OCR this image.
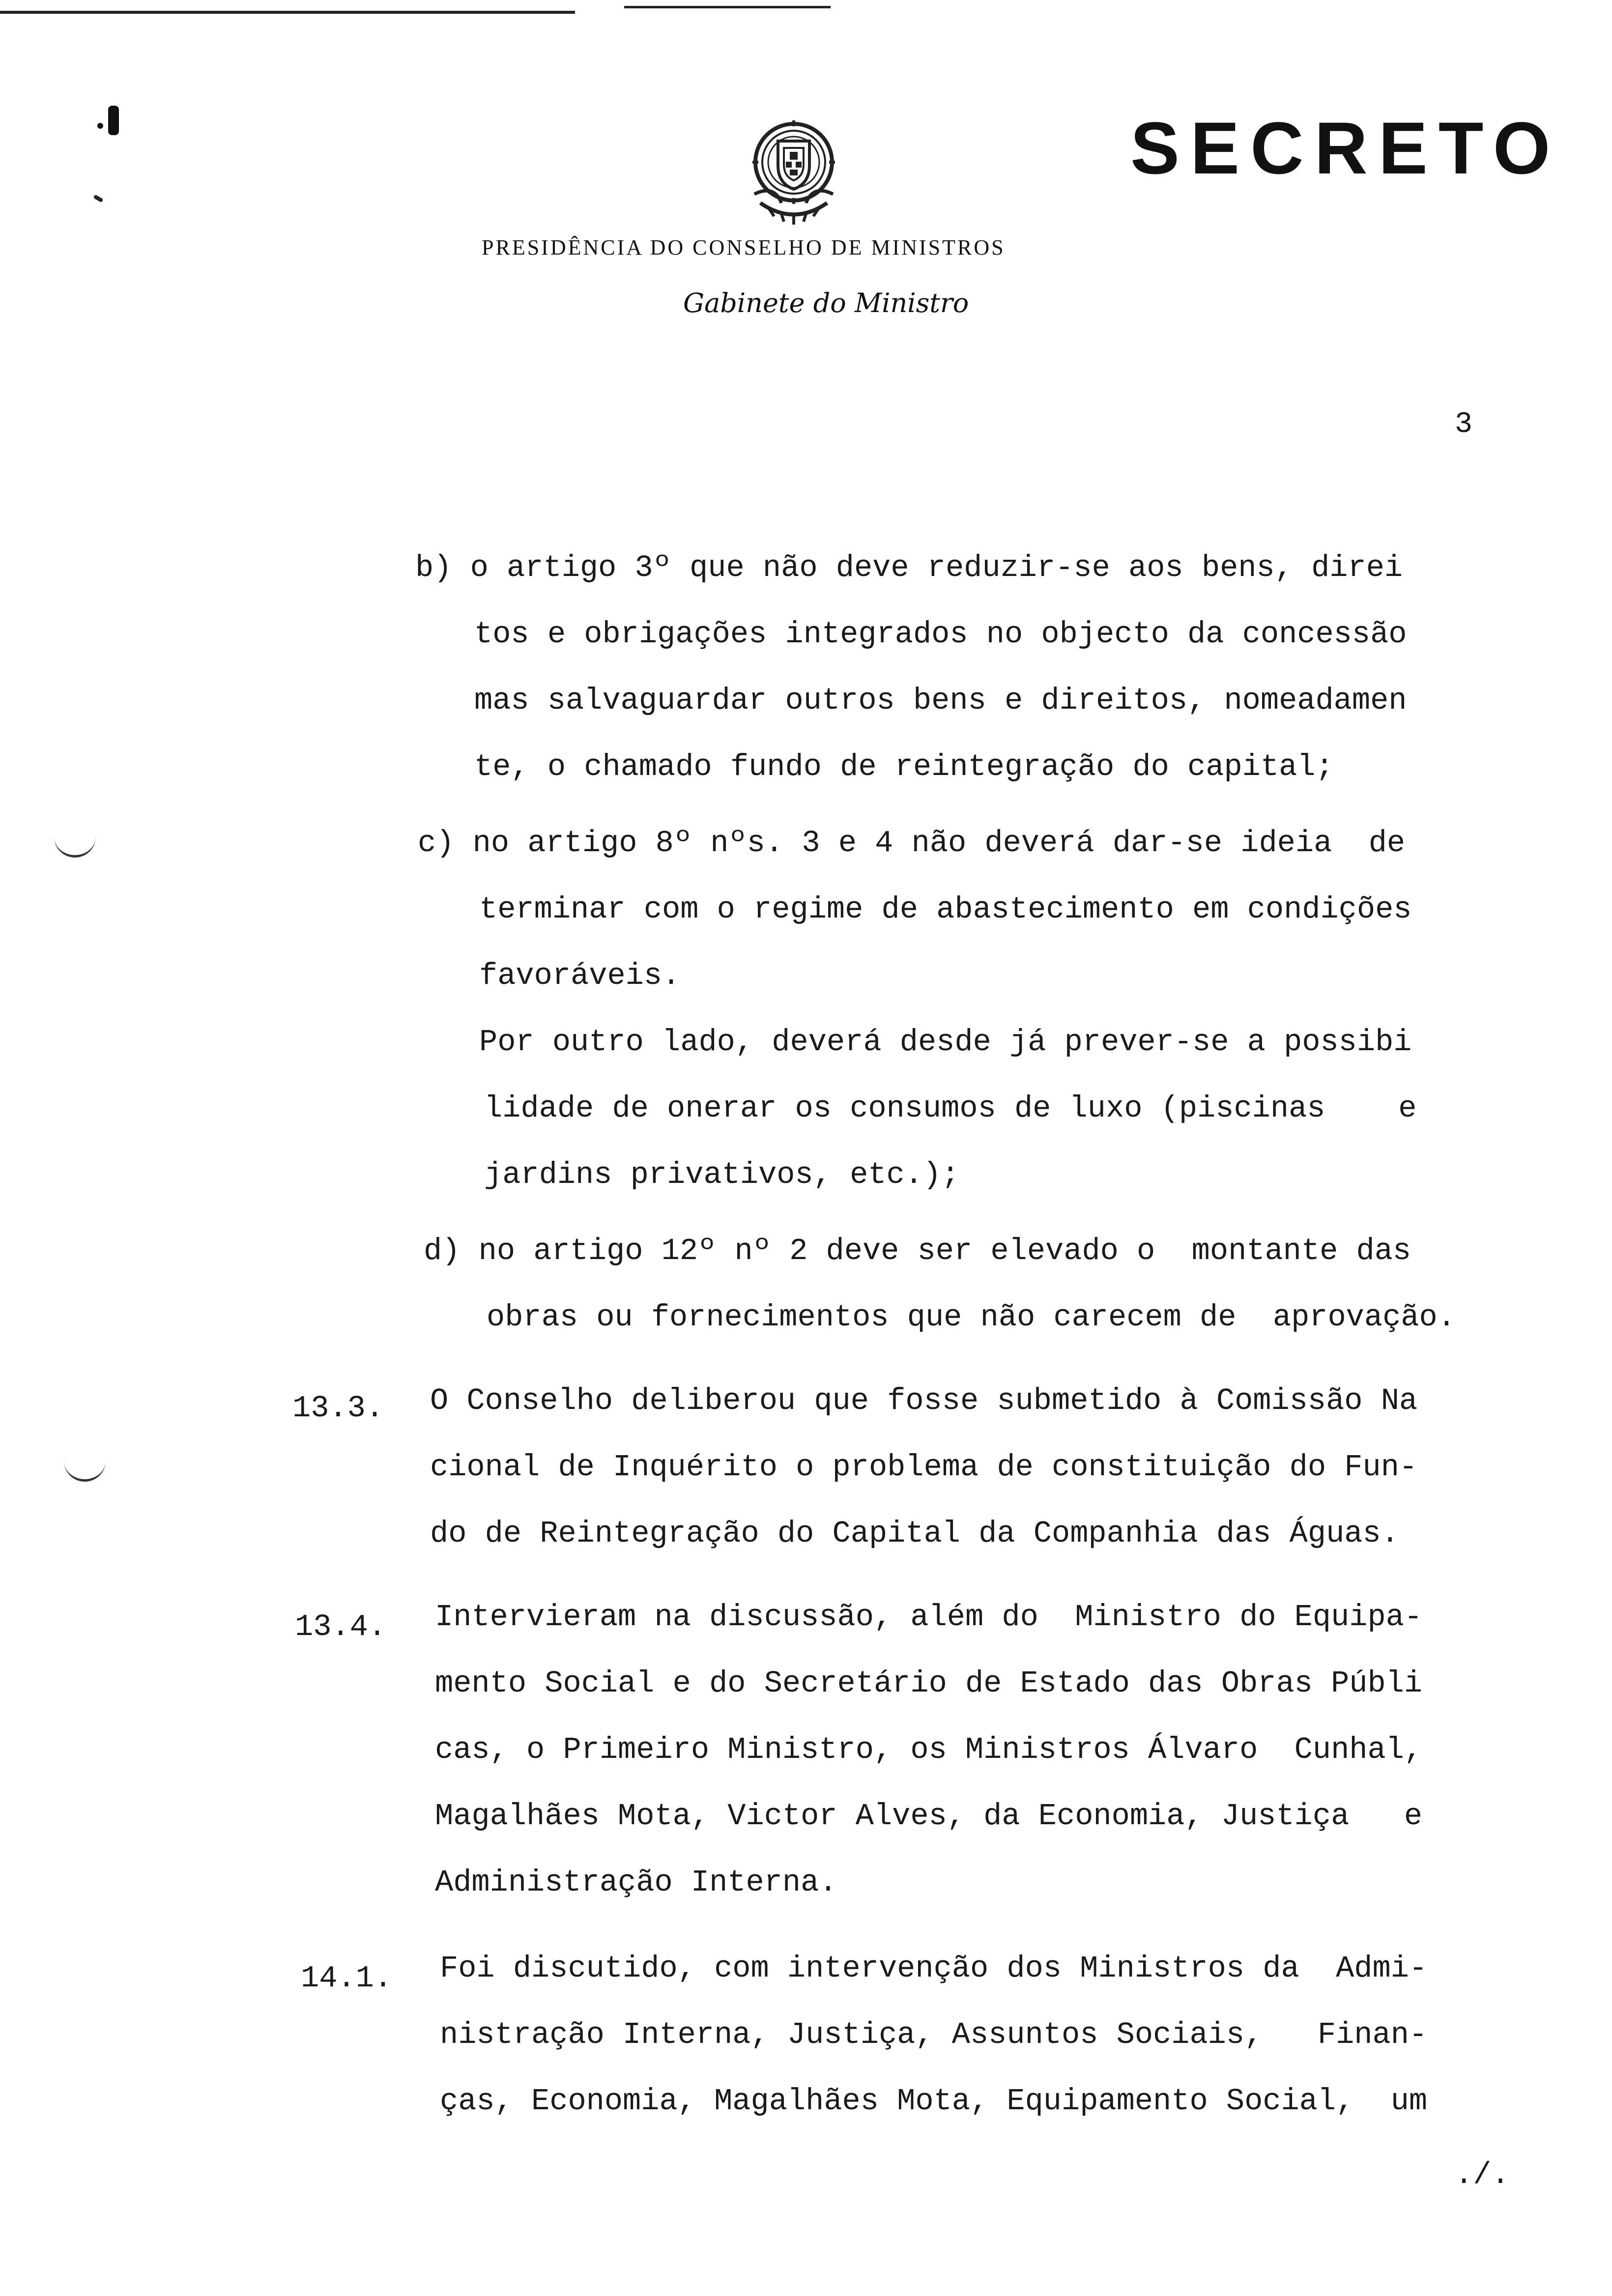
SECRETO
PRESIDÊNCIA DO CONSELHO DE MINISTROS
Gabinete do Ministro
3
b) o artigo 3º que não deve reduzir-se aos bens, direi
tos e obrigações integrados no objecto da concessão
mas salvaguardar outros bens e direitos, nomeadamen
te, o chamado fundo de reintegração do capital;
c) no artigo 8º nºs. 3 e 4 não deverá dar-se ideia  de
terminar com o regime de abastecimento em condições
favoráveis.
Por outro lado, deverá desde já prever-se a possibi
lidade de onerar os consumos de luxo (piscinas    e
jardins privativos, etc.);
d) no artigo 12º nº 2 deve ser elevado o  montante das
obras ou fornecimentos que não carecem de  aprovação.
13.3. O Conselho deliberou que fosse submetido à Comissão Na
cional de Inquérito o problema de constituição do Fun-
do de Reintegração do Capital da Companhia das Águas.
13.4. Intervieram na discussão, além do  Ministro do Equipa-
mento Social e do Secretário de Estado das Obras Públi
cas, o Primeiro Ministro, os Ministros Álvaro  Cunhal,
Magalhães Mota, Victor Alves, da Economia, Justiça   e
Administração Interna.
14.1. Foi discutido, com intervenção dos Ministros da  Admi-
nistração Interna, Justiça, Assuntos Sociais,   Finan-
ças, Economia, Magalhães Mota, Equipamento Social,  um
./.
